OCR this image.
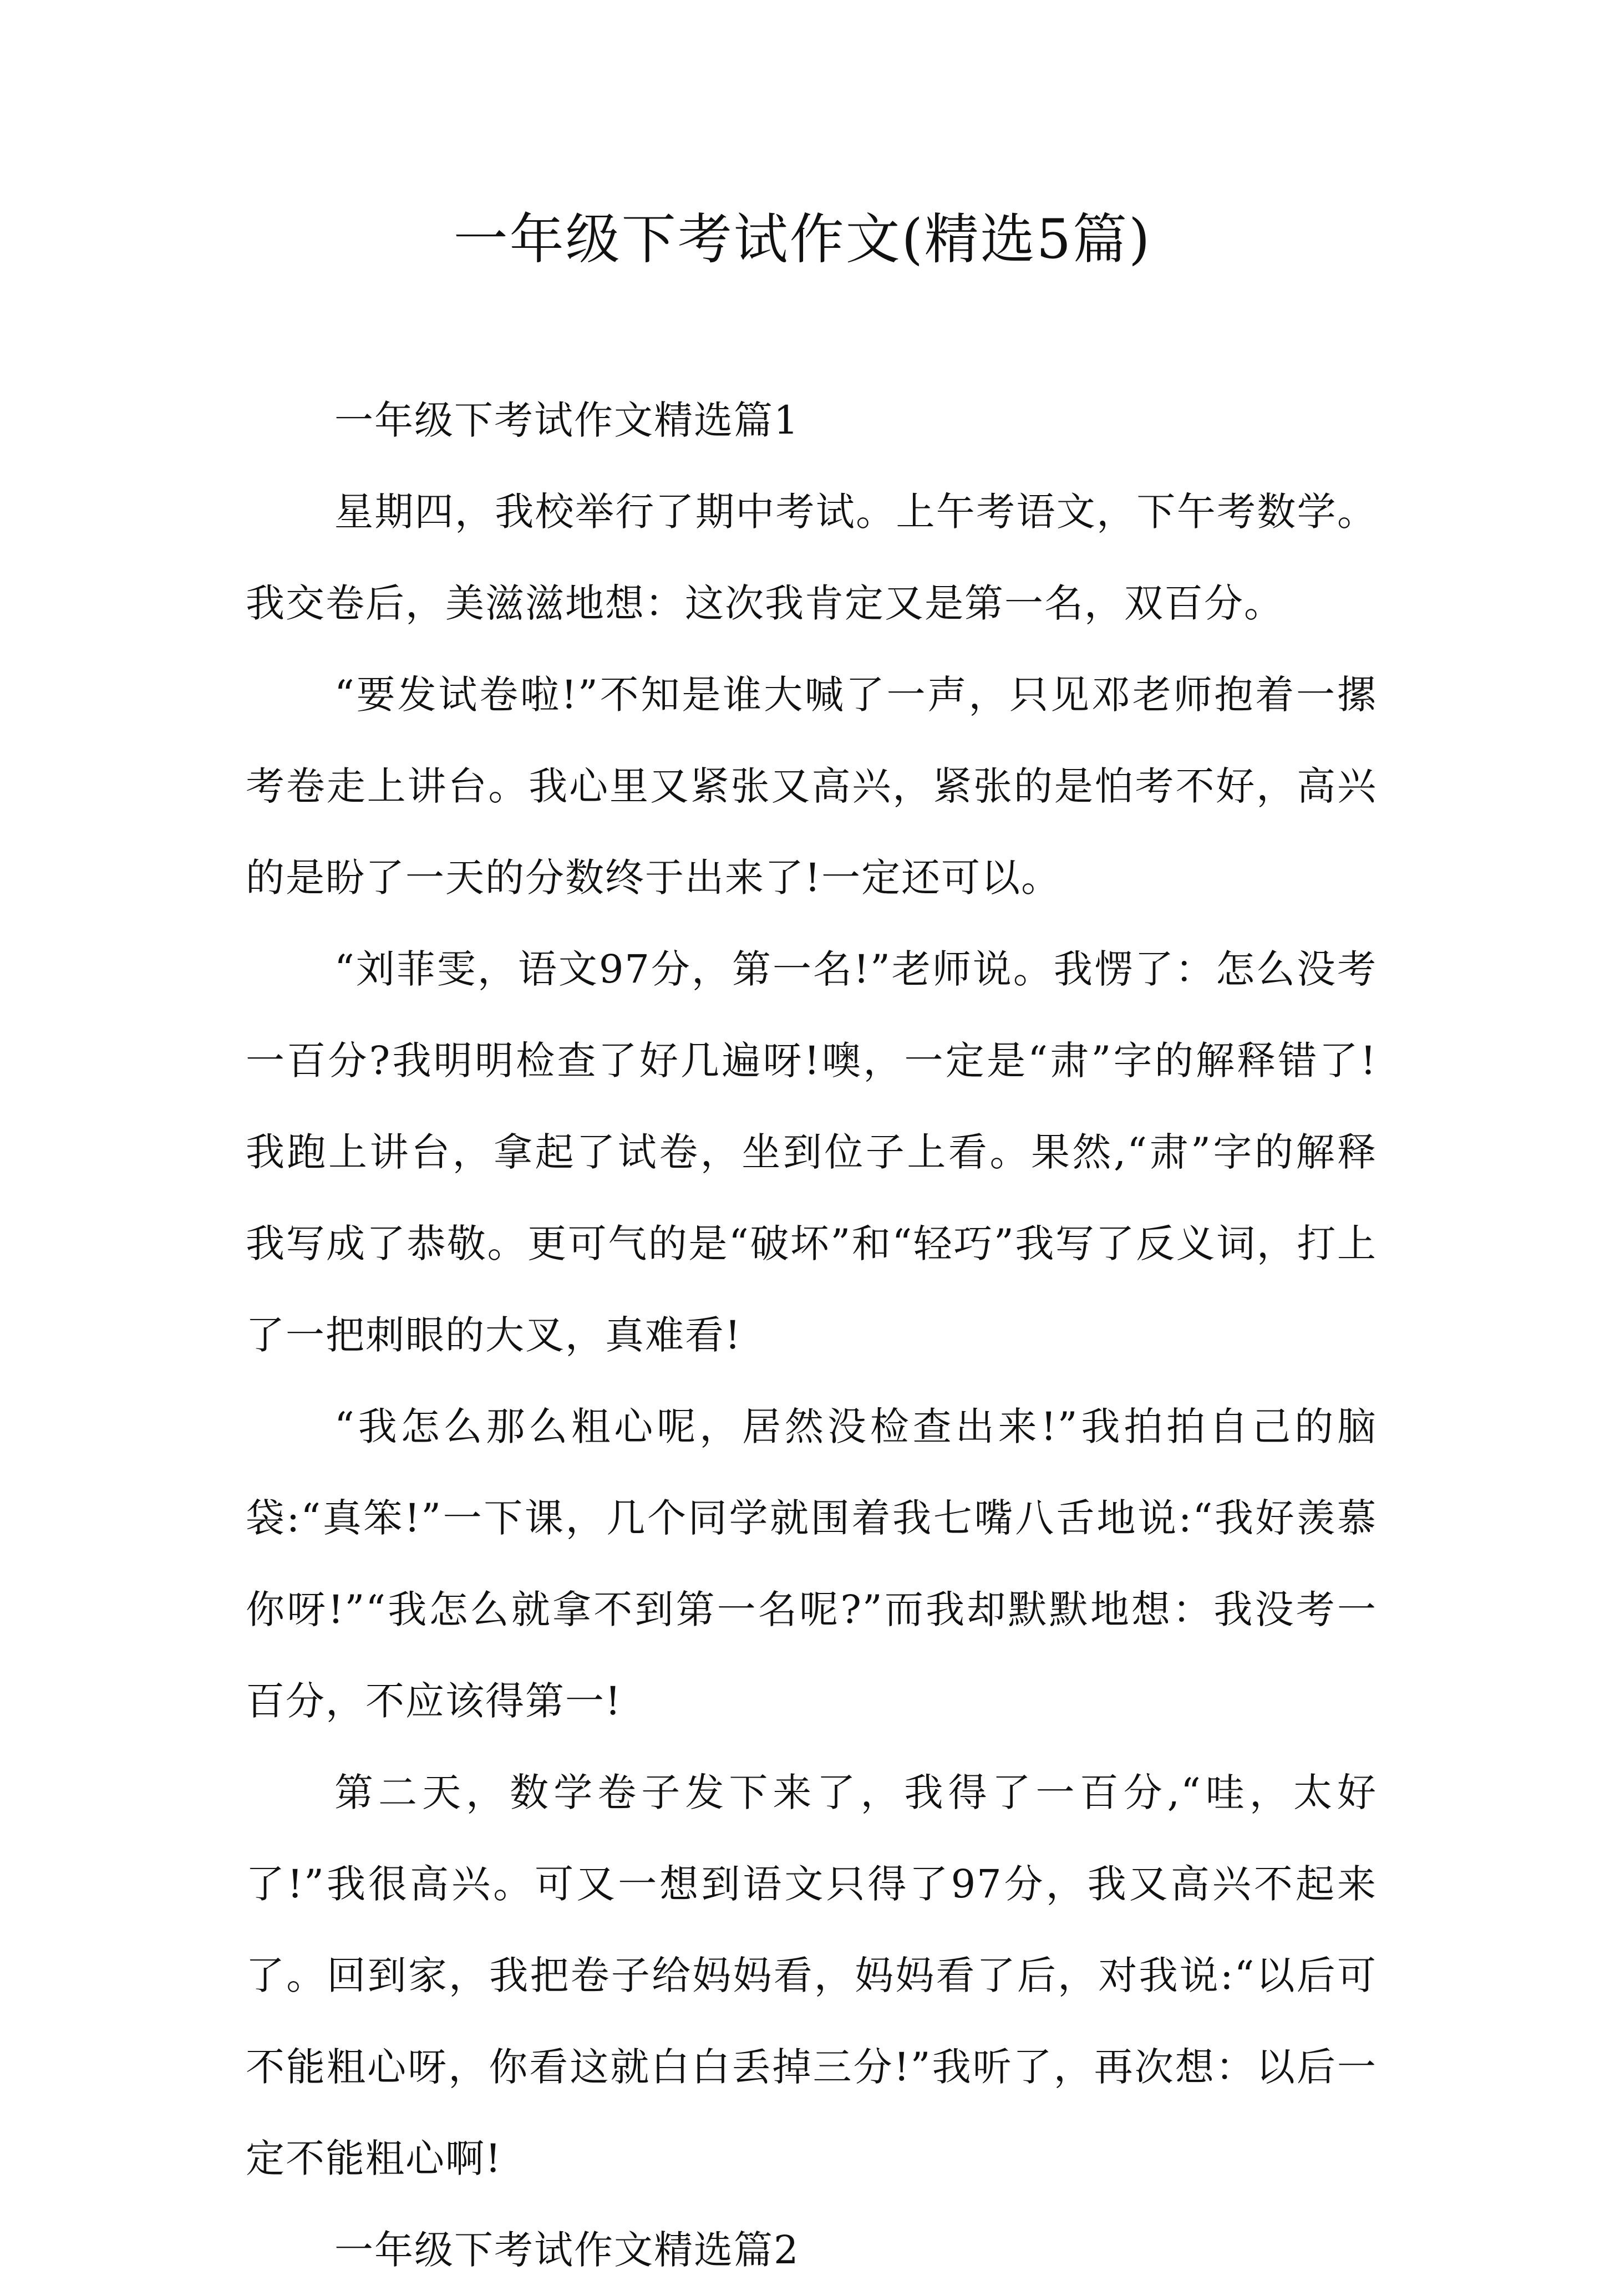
一年级下考试作文(精选5篇)

一年级下考试作文精选篇1

星期四，我校举行了期中考试。上午考语文，下午考数学。我交卷后，美滋滋地想：这次我肯定又是第一名，双百分。

“要发试卷啦!”不知是谁大喊了一声，只见邓老师抱着一摞考卷走上讲台。我心里又紧张又高兴，紧张的是怕考不好，高兴的是盼了一天的分数终于出来了!一定还可以。

“刘菲雯，语文97分，第一名!”老师说。我愣了：怎么没考一百分?我明明检查了好几遍呀!噢，一定是“肃”字的解释错了!我跑上讲台，拿起了试卷，坐到位子上看。果然,“肃”字的解释我写成了恭敬。更可气的是“破坏”和“轻巧”我写了反义词，打上了一把刺眼的大叉，真难看!

“我怎么那么粗心呢，居然没检查出来!”我拍拍自己的脑袋:“真笨!”一下课，几个同学就围着我七嘴八舌地说:“我好羡慕你呀!”“我怎么就拿不到第一名呢?”而我却默默地想：我没考一百分，不应该得第一!

第二天，数学卷子发下来了，我得了一百分,“哇，太好了!”我很高兴。可又一想到语文只得了97分，我又高兴不起来了。回到家，我把卷子给妈妈看，妈妈看了后，对我说:“以后可不能粗心呀，你看这就白白丢掉三分!”我听了，再次想：以后一定不能粗心啊!

一年级下考试作文精选篇2
